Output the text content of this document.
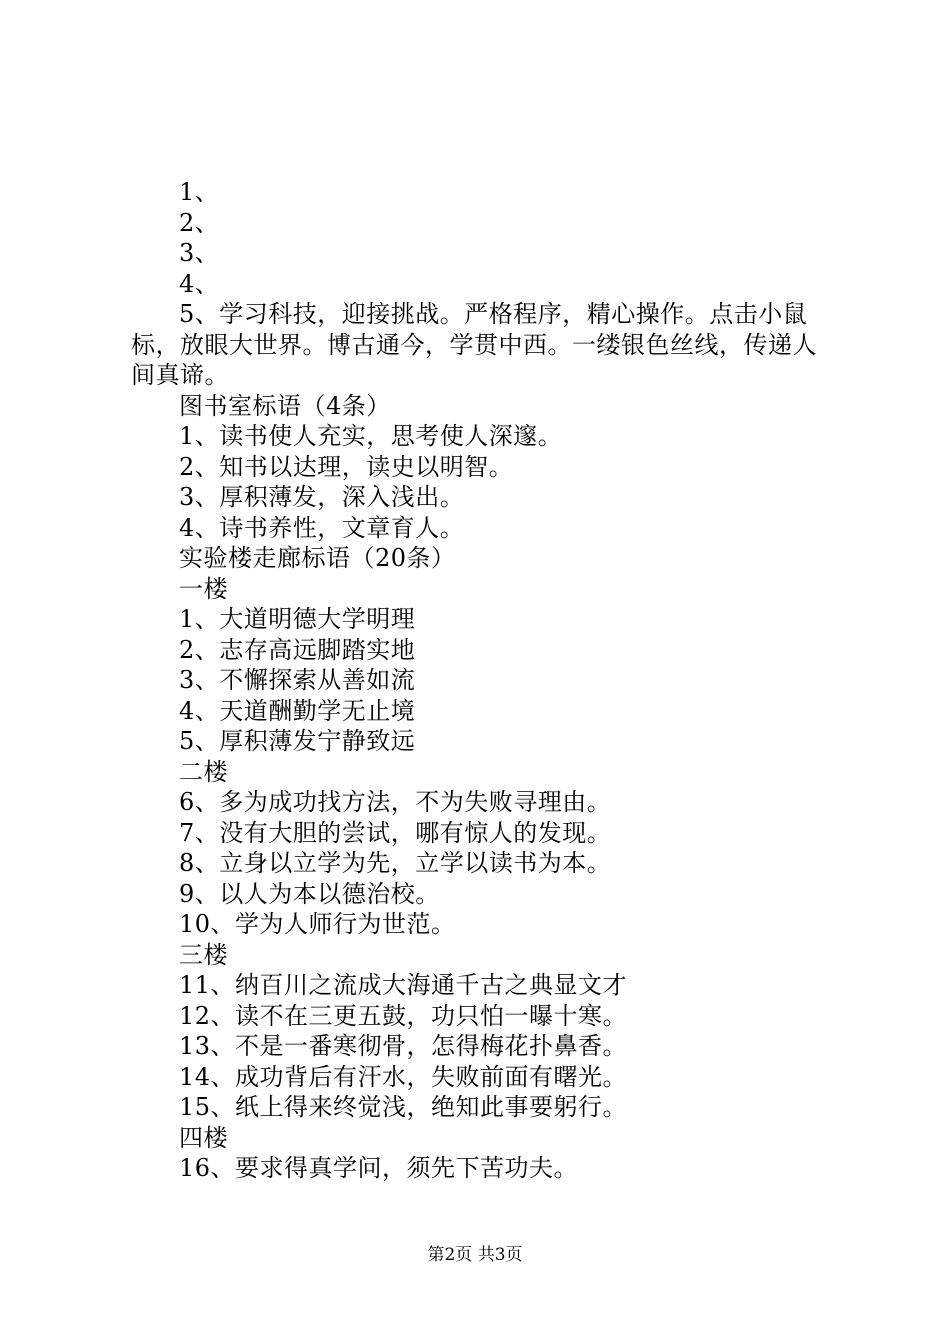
1、
2、
3、
4、
5、学习科技，迎接挑战。严格程序，精心操作。点击小鼠标，放眼大世界。博古通今，学贯中西。一缕银色丝线，传递人间真谛。
图书室标语（4条）
1、读书使人充实，思考使人深邃。
2、知书以达理，读史以明智。
3、厚积薄发，深入浅出。
4、诗书养性，文章育人。
实验楼走廊标语（20条）
一楼
1、大道明德大学明理
2、志存高远脚踏实地
3、不懈探索从善如流
4、天道酬勤学无止境
5、厚积薄发宁静致远
二楼
6、多为成功找方法，不为失败寻理由。
7、没有大胆的尝试，哪有惊人的发现。
8、立身以立学为先，立学以读书为本。
9、以人为本以德治校。
10、学为人师行为世范。
三楼
11、纳百川之流成大海通千古之典显文才
12、读不在三更五鼓，功只怕一曝十寒。
13、不是一番寒彻骨，怎得梅花扑鼻香。
14、成功背后有汗水，失败前面有曙光。
15、纸上得来终觉浅，绝知此事要躬行。
四楼
16、要求得真学问，须先下苦功夫。
第2页 共3页
